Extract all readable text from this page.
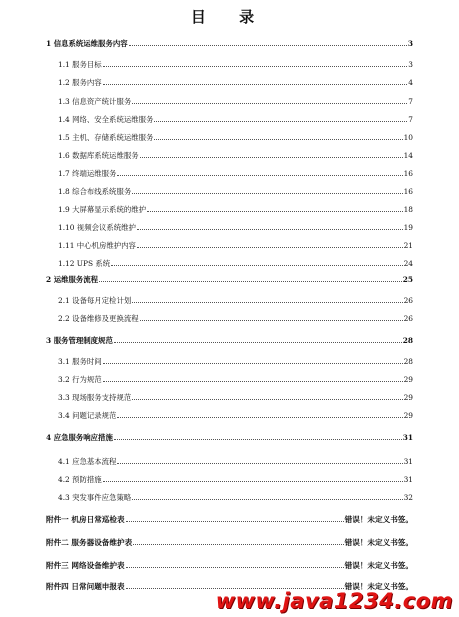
目 录
1 信息系统运维服务内容	3
1.1 服务目标	3
1.2 服务内容	4
1.3 信息资产统计服务	7
1.4 网络、安全系统运维服务	7
1.5 主机、存储系统运维服务	10
1.6 数据库系统运维服务	14
1.7 终端运维服务	16
1.8 综合布线系统服务	16
1.9 大屏幕显示系统的维护	18
1.10 视频会议系统维护	19
1.11 中心机房维护内容	21
1.12 UPS 系统	24
2 运维服务流程	25
2.1 设备每月定检计划	26
2.2 设备维修及更换流程	26
3 服务管理制度规范	28
3.1 服务时间	28
3.2 行为规范	29
3.3 现场服务支持规范	29
3.4 问题记录规范	29
4 应急服务响应措施	31
4.1 应急基本流程	31
4.2 预防措施	31
4.3 突发事件应急策略	32
附件一 机房日常巡检表	错误！未定义书签。
附件二 服务器设备维护表	错误！未定义书签。
附件三 网络设备维护表	错误！未定义书签。
附件四 日常问题申报表	错误！未定义书签。
www.java1234.com
